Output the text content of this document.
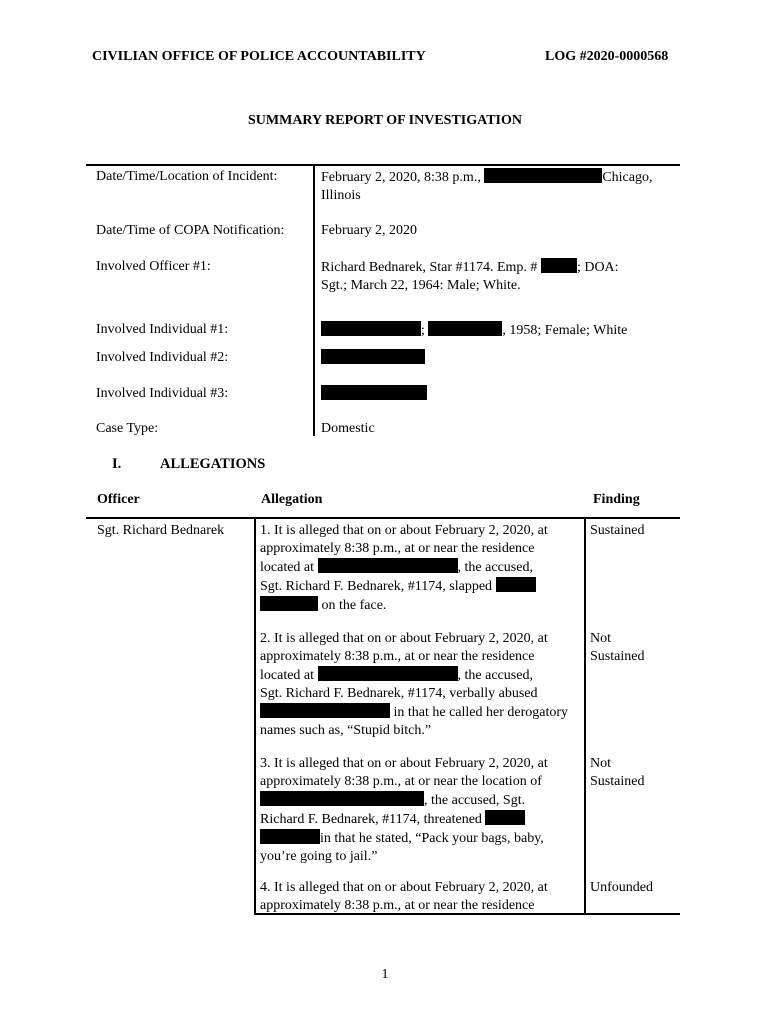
CIVILIAN OFFICE OF POLICE ACCOUNTABILITY	LOG #2020-0000568
SUMMARY REPORT OF INVESTIGATION
Date/Time/Location of Incident:	February 2, 2020, 8:38 p.m.,	Chicago,
Illinois
Date/Time of COPA Notification:	February 2, 2020
Involved Officer #1:	Richard Bednarek, Star #1174. Emp. #	; DOA:
Sgt.; March 22, 1964: Male; White.
Involved Individual #1:	;	, 1958; Female; White
Involved Individual #2:
Involved Individual #3:
Case Type:	Domestic
I.	ALLEGATIONS
Officer	Allegation	Finding
Sgt. Richard Bednarek	1. It is alleged that on or about February 2, 2020, at
approximately 8:38 p.m., at or near the residence
located at	, the accused,
Sgt. Richard F. Bednarek, #1174, slapped
on the face.
Sustained
2. It is alleged that on or about February 2, 2020, at
approximately 8:38 p.m., at or near the residence
located at	, the accused,
Sgt. Richard F. Bednarek, #1174, verbally abused
in that he called her derogatory
names such as, “Stupid bitch.”
Not
Sustained
3. It is alleged that on or about February 2, 2020, at
approximately 8:38 p.m., at or near the location of
, the accused, Sgt.
Richard F. Bednarek, #1174, threatened
in that he stated, “Pack your bags, baby,
you’re going to jail.”
Not
Sustained
4. It is alleged that on or about February 2, 2020, at
approximately 8:38 p.m., at or near the residence
Unfounded
1
